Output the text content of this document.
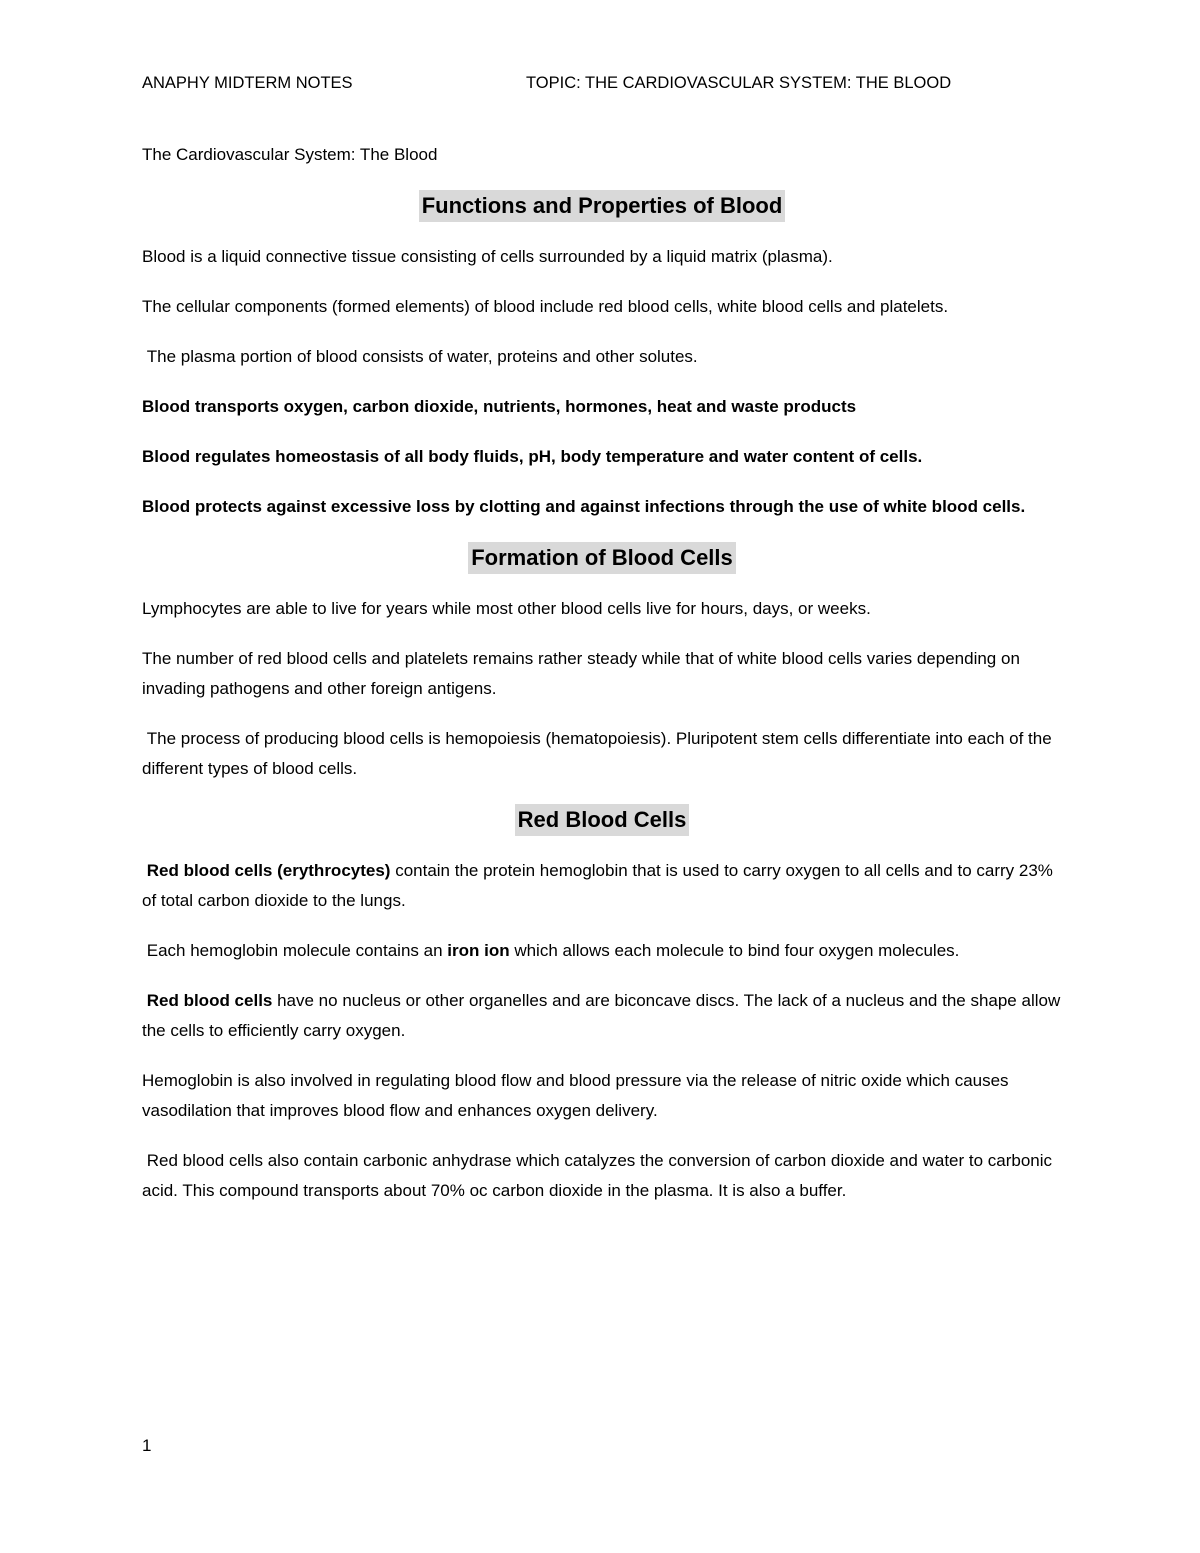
ANAPHY MIDTERM NOTES	TOPIC: THE CARDIOVASCULAR SYSTEM: THE BLOOD
The Cardiovascular System: The Blood
Functions and Properties of Blood

Blood is a liquid connective tissue consisting of cells surrounded by a liquid matrix (plasma).

The cellular components (formed elements) of blood include red blood cells, white blood cells and platelets.

The plasma portion of blood consists of water, proteins and other solutes.

Blood transports oxygen, carbon dioxide, nutrients, hormones, heat and waste products

Blood regulates homeostasis of all body fluids, pH, body temperature and water content of cells.

Blood protects against excessive loss by clotting and against infections through the use of white blood cells.

Formation of Blood Cells

Lymphocytes are able to live for years while most other blood cells live for hours, days, or weeks.

The number of red blood cells and platelets remains rather steady while that of white blood cells varies depending on invading pathogens and other foreign antigens.

The process of producing blood cells is hemopoiesis (hematopoiesis). Pluripotent stem cells differentiate into each of the different types of blood cells.

Red Blood Cells

Red blood cells (erythrocytes) contain the protein hemoglobin that is used to carry oxygen to all cells and to carry 23% of total carbon dioxide to the lungs.

Each hemoglobin molecule contains an iron ion which allows each molecule to bind four oxygen molecules.

Red blood cells have no nucleus or other organelles and are biconcave discs. The lack of a nucleus and the shape allow the cells to efficiently carry oxygen.

Hemoglobin is also involved in regulating blood flow and blood pressure via the release of nitric oxide which causes vasodilation that improves blood flow and enhances oxygen delivery.

Red blood cells also contain carbonic anhydrase which catalyzes the conversion of carbon dioxide and water to carbonic acid. This compound transports about 70% oc carbon dioxide in the plasma. It is also a buffer.

1
